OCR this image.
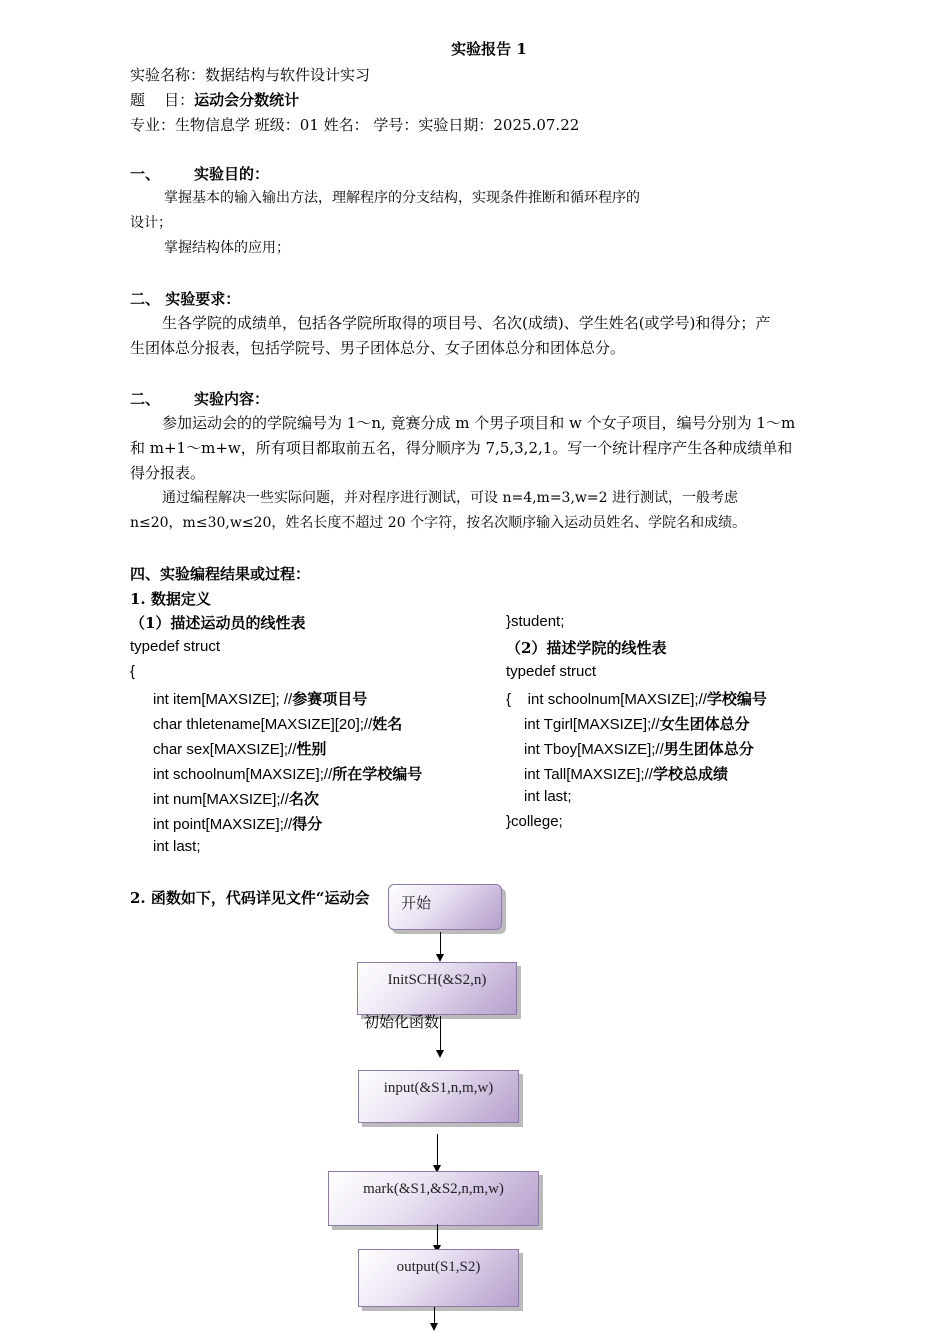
实验报告 1
实验名称：数据结构与软件设计实习
题    目：运动会分数统计
专业：生物信息学 班级：01 姓名： 学号：实验日期：2025.07.22
一、 实验目的：
掌握基本的输入输出方法，理解程序的分支结构，实现条件推断和循环程序的
设计；
掌握结构体的应用；
二、 实验要求：
生各学院的成绩单，包括各学院所取得的项目号、名次(成绩)、学生姓名(或学号)和得分；产
生团体总分报表，包括学院号、男子团体总分、女子团体总分和团体总分。
二、 实验内容：
参加运动会的的学院编号为 1～n, 竟赛分成 m 个男子项目和 w 个女子项目，编号分别为 1～m
和 m+1～m+w，所有项目都取前五名，得分顺序为 7,5,3,2,1。写一个统计程序产生各种成绩单和
得分报表。
通过编程解决一些实际问题，并对程序进行测试，可设 n=4,m=3,w=2 进行测试，一般考虑
n≤20，m≤30,w≤20，姓名长度不超过 20 个字符，按名次顺序输入运动员姓名、学院名和成绩。
四、实验编程结果或过程：
1. 数据定义
（1）描述运动员的线性表
typedef struct
{
int item[MAXSIZE]; //参赛项目号
char thletename[MAXSIZE][20];//姓名
char sex[MAXSIZE];//性别
int schoolnum[MAXSIZE];//所在学校编号
int num[MAXSIZE];//名次
int point[MAXSIZE];//得分
int last;
}student;
（2）描述学院的线性表
typedef struct
{    int schoolnum[MAXSIZE];//学校编号
int Tgirl[MAXSIZE];//女生团体总分
int Tboy[MAXSIZE];//男生团体总分
int Tall[MAXSIZE];//学校总成绩
int last;
}college;
2. 函数如下，代码详见文件“运动会	开始
InitSCH(&S2,n)
初始化函数
input(&S1,n,m,w)
mark(&S1,&S2,n,m,w)
output(S1,S2)
